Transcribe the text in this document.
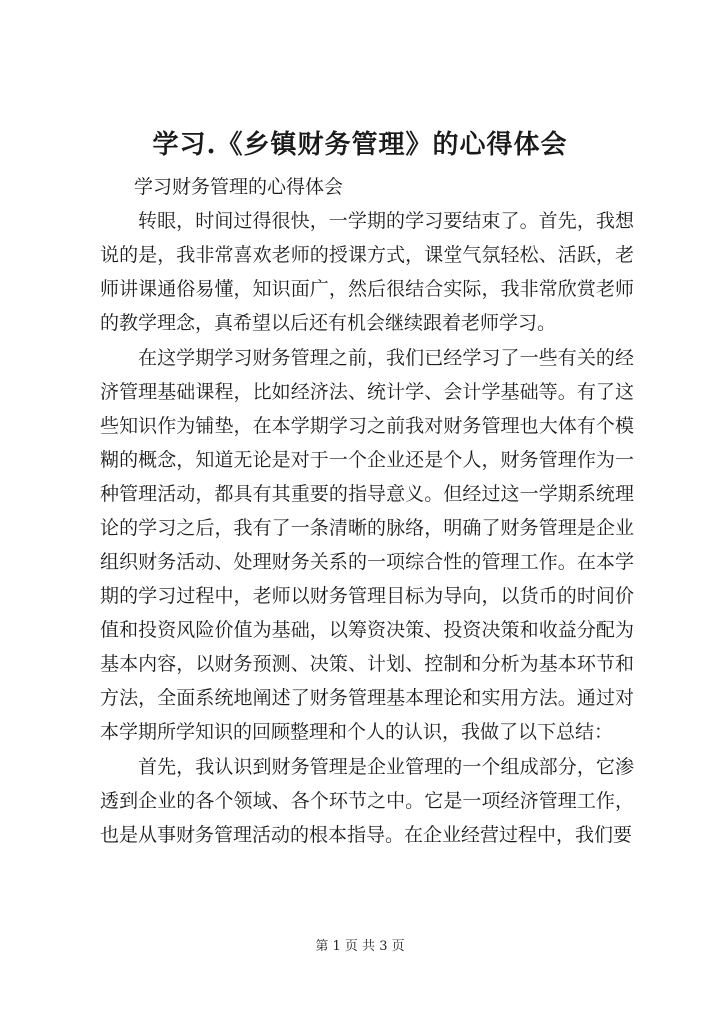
学习.《乡镇财务管理》的心得体会

学习财务管理的心得体会

转眼，时间过得很快，一学期的学习要结束了。首先，我想说的是，我非常喜欢老师的授课方式，课堂气氛轻松、活跃，老师讲课通俗易懂，知识面广，然后很结合实际，我非常欣赏老师的教学理念，真希望以后还有机会继续跟着老师学习。

在这学期学习财务管理之前，我们已经学习了一些有关的经济管理基础课程，比如经济法、统计学、会计学基础等。有了这些知识作为铺垫，在本学期学习之前我对财务管理也大体有个模糊的概念，知道无论是对于一个企业还是个人，财务管理作为一种管理活动，都具有其重要的指导意义。但经过这一学期系统理论的学习之后，我有了一条清晰的脉络，明确了财务管理是企业组织财务活动、处理财务关系的一项综合性的管理工作。在本学期的学习过程中，老师以财务管理目标为导向，以货币的时间价值和投资风险价值为基础，以筹资决策、投资决策和收益分配为基本内容，以财务预测、决策、计划、控制和分析为基本环节和方法，全面系统地阐述了财务管理基本理论和实用方法。通过对本学期所学知识的回顾整理和个人的认识，我做了以下总结：

首先，我认识到财务管理是企业管理的一个组成部分，它渗透到企业的各个领域、各个环节之中。它是一项经济管理工作，也是从事财务管理活动的根本指导。在企业经营过程中，我们要

第 1 页 共 3 页
